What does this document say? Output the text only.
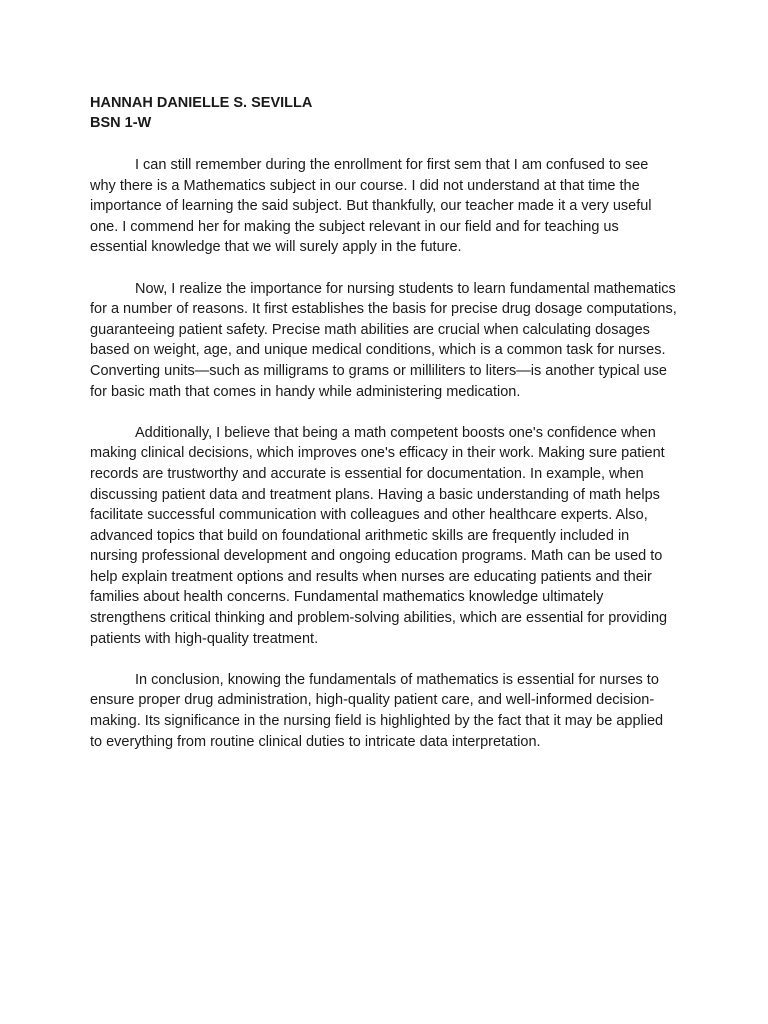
HANNAH DANIELLE S. SEVILLA

BSN 1-W

I can still remember during the enrollment for first sem that I am confused to see why there is a Mathematics subject in our course. I did not understand at that time the importance of learning the said subject. But thankfully, our teacher made it a very useful one. I commend her for making the subject relevant in our field and for teaching us essential knowledge that we will surely apply in the future.

Now, I realize the importance for nursing students to learn fundamental mathematics for a number of reasons. It first establishes the basis for precise drug dosage computations, guaranteeing patient safety. Precise math abilities are crucial when calculating dosages based on weight, age, and unique medical conditions, which is a common task for nurses. Converting units—such as milligrams to grams or milliliters to liters—is another typical use for basic math that comes in handy while administering medication.

Additionally, I believe that being a math competent boosts one's confidence when making clinical decisions, which improves one's efficacy in their work. Making sure patient records are trustworthy and accurate is essential for documentation. In example, when discussing patient data and treatment plans. Having a basic understanding of math helps facilitate successful communication with colleagues and other healthcare experts. Also, advanced topics that build on foundational arithmetic skills are frequently included in nursing professional development and ongoing education programs. Math can be used to help explain treatment options and results when nurses are educating patients and their families about health concerns. Fundamental mathematics knowledge ultimately strengthens critical thinking and problem-solving abilities, which are essential for providing patients with high-quality treatment.

In conclusion, knowing the fundamentals of mathematics is essential for nurses to ensure proper drug administration, high-quality patient care, and well-informed decision-making. Its significance in the nursing field is highlighted by the fact that it may be applied to everything from routine clinical duties to intricate data interpretation.
